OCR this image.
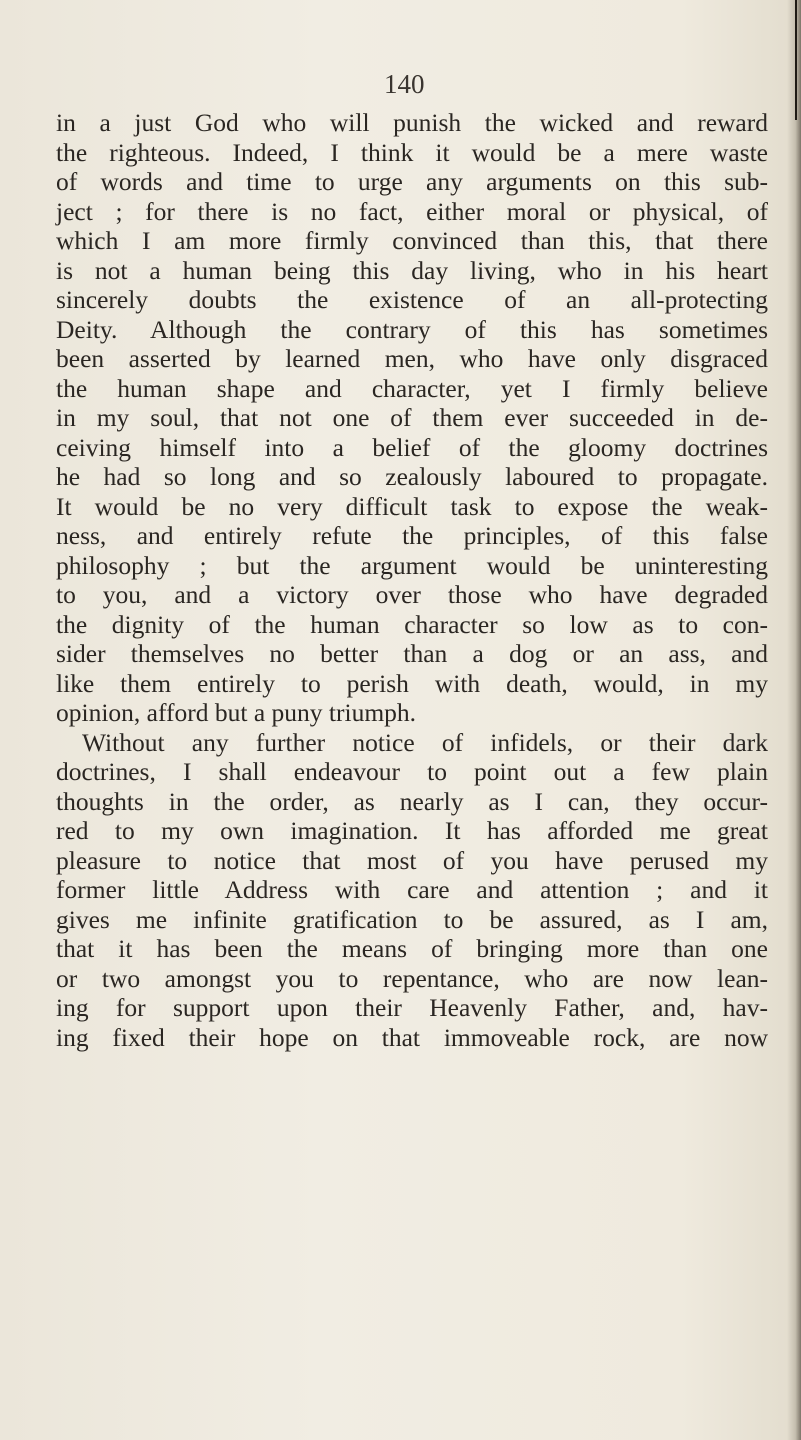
140
in a just God who will punish the wicked and reward
the righteous. Indeed, I think it would be a mere waste
of words and time to urge any arguments on this sub-
ject ; for there is no fact, either moral or physical, of
which I am more firmly convinced than this, that there
is not a human being this day living, who in his heart
sincerely doubts the existence of an all-protecting
Deity. Although the contrary of this has sometimes
been asserted by learned men, who have only disgraced
the human shape and character, yet I firmly believe
in my soul, that not one of them ever succeeded in de-
ceiving himself into a belief of the gloomy doctrines
he had so long and so zealously laboured to propagate.
It would be no very difficult task to expose the weak-
ness, and entirely refute the principles, of this false
philosophy ; but the argument would be uninteresting
to you, and a victory over those who have degraded
the dignity of the human character so low as to con-
sider themselves no better than a dog or an ass, and
like them entirely to perish with death, would, in my
opinion, afford but a puny triumph.
Without any further notice of infidels, or their dark
doctrines, I shall endeavour to point out a few plain
thoughts in the order, as nearly as I can, they occur-
red to my own imagination. It has afforded me great
pleasure to notice that most of you have perused my
former little Address with care and attention ; and it
gives me infinite gratification to be assured, as I am,
that it has been the means of bringing more than one
or two amongst you to repentance, who are now lean-
ing for support upon their Heavenly Father, and, hav-
ing fixed their hope on that immoveable rock, are now
